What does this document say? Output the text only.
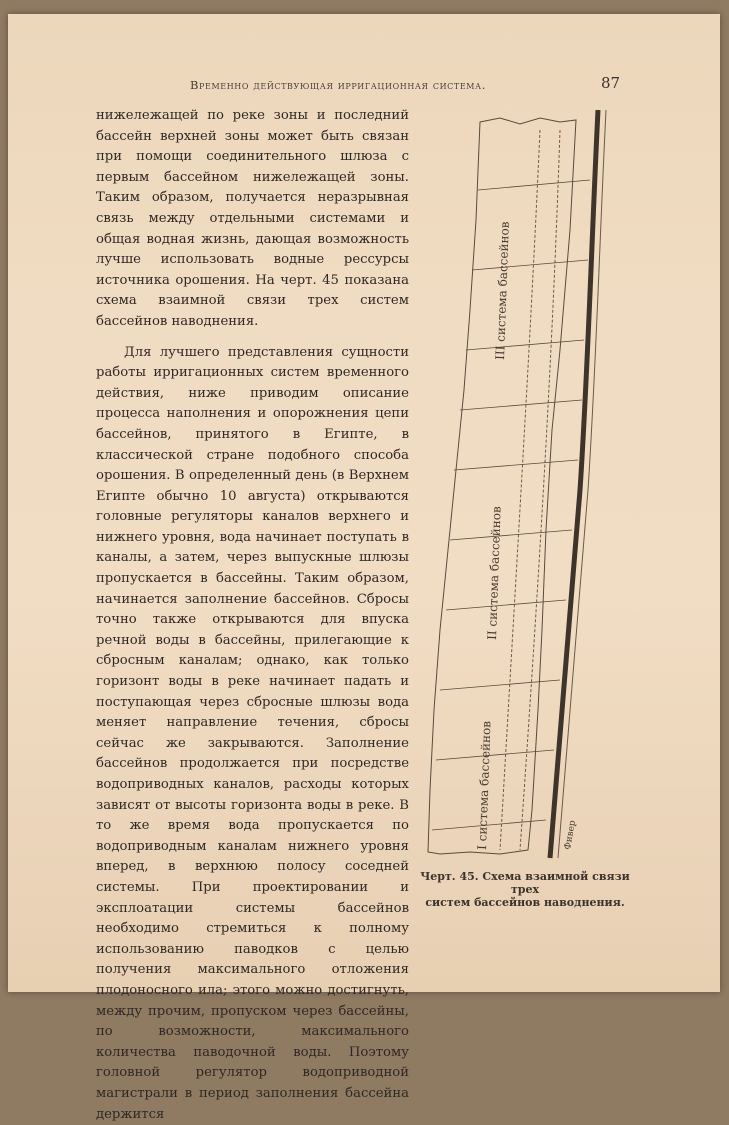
Временно действующая ирригационная система.	87

нижележащей по реке зоны и последний бассейн верхней зоны может быть связан при помощи соединительного шлюза с первым бассейном нижележащей зоны. Таким образом, получается неразрывная связь между отдельными системами и общая водная жизнь, дающая возможность лучше использовать водные рессурсы источника орошения. На черт. 45 показана схема взаимной связи трех систем бассейнов наводнения.

Для лучшего представления сущности работы ирригационных систем временного действия, ниже приводим описание процесса наполнения и опорожнения цепи бассейнов, принятого в Египте, в классической стране подобного способа орошения. В определенный день (в Верхнем Египте обычно 10 августа) открываются головные регуляторы каналов верхнего и нижнего уровня, вода начинает поступать в каналы, а затем, через выпускные шлюзы пропускается в бассейны. Таким образом, начинается заполнение бассейнов. Сбросы точно также открываются для впуска речной воды в бассейны, прилегающие к сбросным каналам; однако, как только горизонт воды в реке начинает падать и поступающая через сбросные шлюзы вода меняет направление течения, сбросы сейчас же закрываются. Заполнение бассейнов продолжается при посредстве водоприводных каналов, расходы которых зависят от высоты горизонта воды в реке. В то же время вода пропускается по водоприводным каналам нижнего уровня вперед, в верхнюю полосу соседней системы. При проектировании и эксплоатации системы бассейнов необходимо стремиться к полному использованию паводков с целью получения максимального отложения плодоносного ила; этого можно достигнуть, между прочим, пропуском через бассейны, по возможности, максимального количества паводочной воды. Поэтому головной регулятор водоприводной магистрали в период заполнения бассейна держится

III система бассейнов
II система бассейнов
I система бассейнов	Фивер
Черт. 45. Схема взаимной связи трех
систем бассейнов наводнения.
